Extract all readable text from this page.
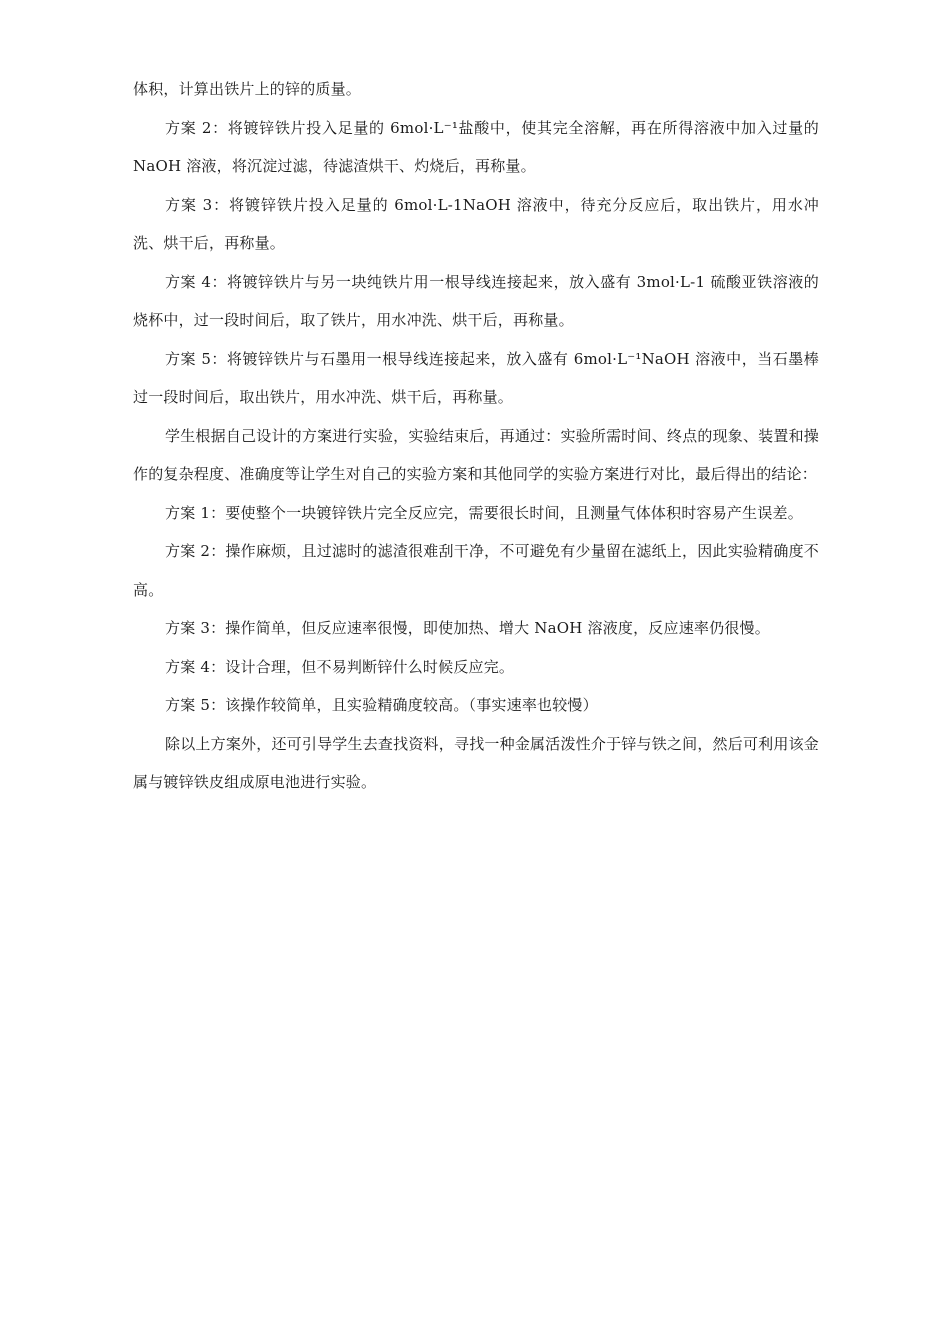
体积，计算出铁片上的锌的质量。

方案 2：将镀锌铁片投入足量的 6mol·L⁻¹盐酸中，使其完全溶解，再在所得溶液中加入过量的 NaOH 溶液，将沉淀过滤，待滤渣烘干、灼烧后，再称量。

方案 3：将镀锌铁片投入足量的 6mol·L-1NaOH 溶液中，待充分反应后，取出铁片，用水冲洗、烘干后，再称量。

方案 4：将镀锌铁片与另一块纯铁片用一根导线连接起来，放入盛有 3mol·L-1 硫酸亚铁溶液的烧杯中，过一段时间后，取了铁片，用水冲洗、烘干后，再称量。

方案 5：将镀锌铁片与石墨用一根导线连接起来，放入盛有 6mol·L⁻¹NaOH 溶液中，当石墨棒过一段时间后，取出铁片，用水冲洗、烘干后，再称量。

学生根据自己设计的方案进行实验，实验结束后，再通过：实验所需时间、终点的现象、装置和操作的复杂程度、准确度等让学生对自己的实验方案和其他同学的实验方案进行对比，最后得出的结论：

方案 1：要使整个一块镀锌铁片完全反应完，需要很长时间，且测量气体体积时容易产生误差。

方案 2：操作麻烦，且过滤时的滤渣很难刮干净，不可避免有少量留在滤纸上，因此实验精确度不高。

方案 3：操作简单，但反应速率很慢，即使加热、增大 NaOH 溶液度，反应速率仍很慢。

方案 4：设计合理，但不易判断锌什么时候反应完。

方案 5：该操作较简单，且实验精确度较高。（事实速率也较慢）

除以上方案外，还可引导学生去查找资料，寻找一种金属活泼性介于锌与铁之间，然后可利用该金属与镀锌铁皮组成原电池进行实验。
